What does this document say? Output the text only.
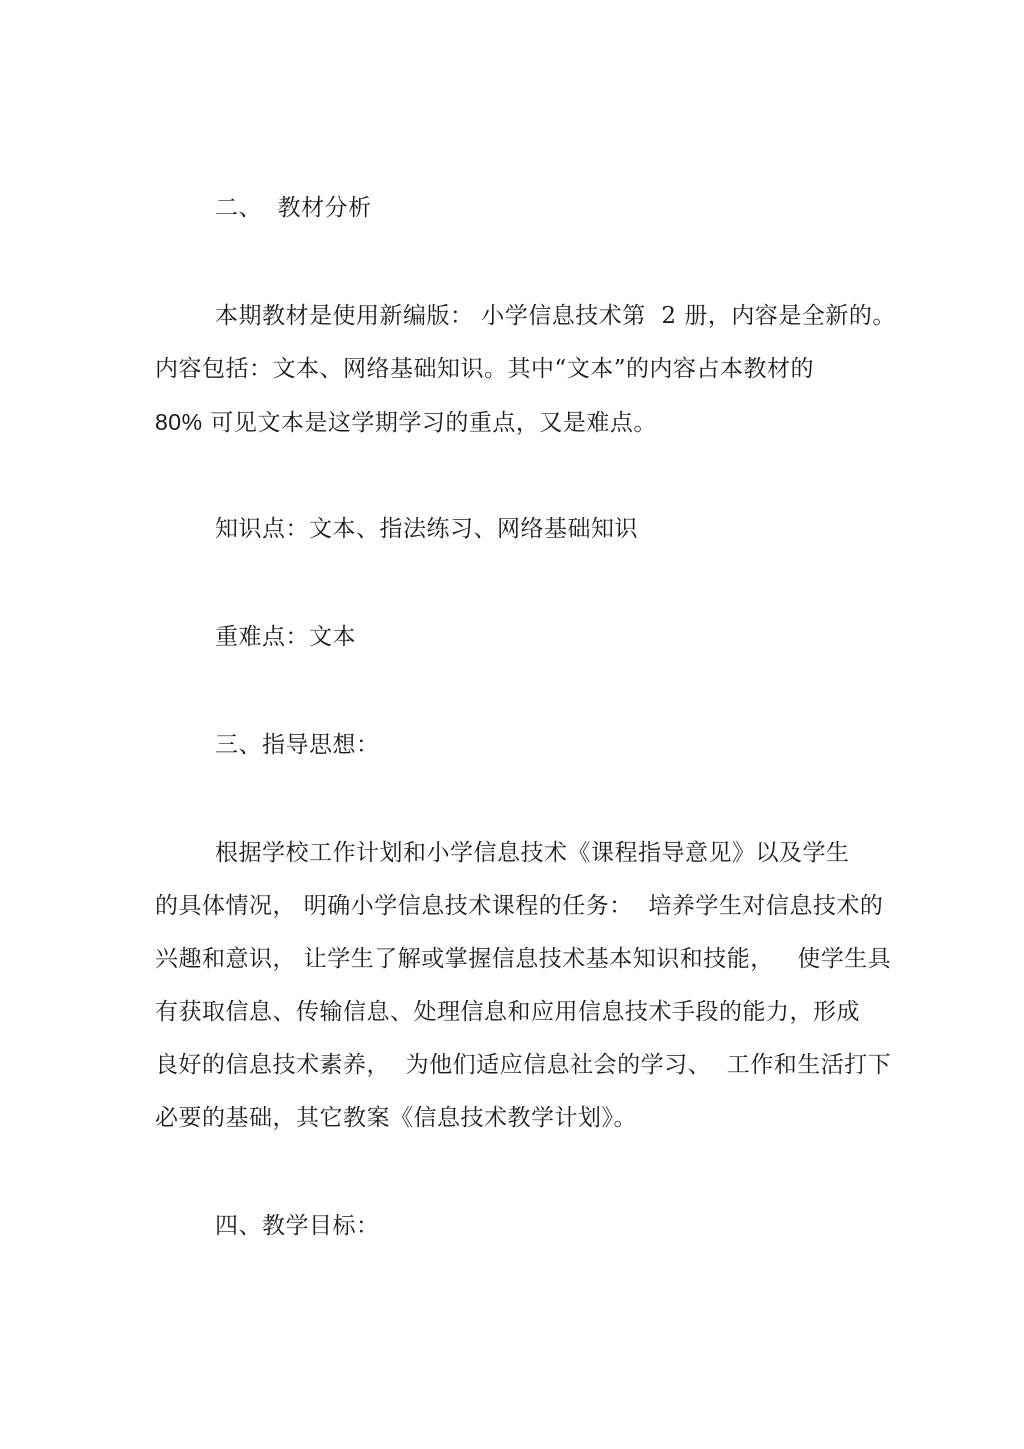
二、  教材分析
本期教材是使用新编版： 小学信息技术第  2 册，内容是全新的。
内容包括：文本、网络基础知识。其中“文本”的内容占本教材的
80% 可见文本是这学期学习的重点，又是难点。
知识点：文本、指法练习、网络基础知识
重难点：文本
三、指导思想：
根据学校工作计划和小学信息技术《课程指导意见》以及学生
的具体情况， 明确小学信息技术课程的任务：  培养学生对信息技术的
兴趣和意识， 让学生了解或掌握信息技术基本知识和技能，   使学生具
有获取信息、传输信息、处理信息和应用信息技术手段的能力，形成
良好的信息技术素养，  为他们适应信息社会的学习、  工作和生活打下
必要的基础，其它教案《信息技术教学计划》。
四、教学目标：
